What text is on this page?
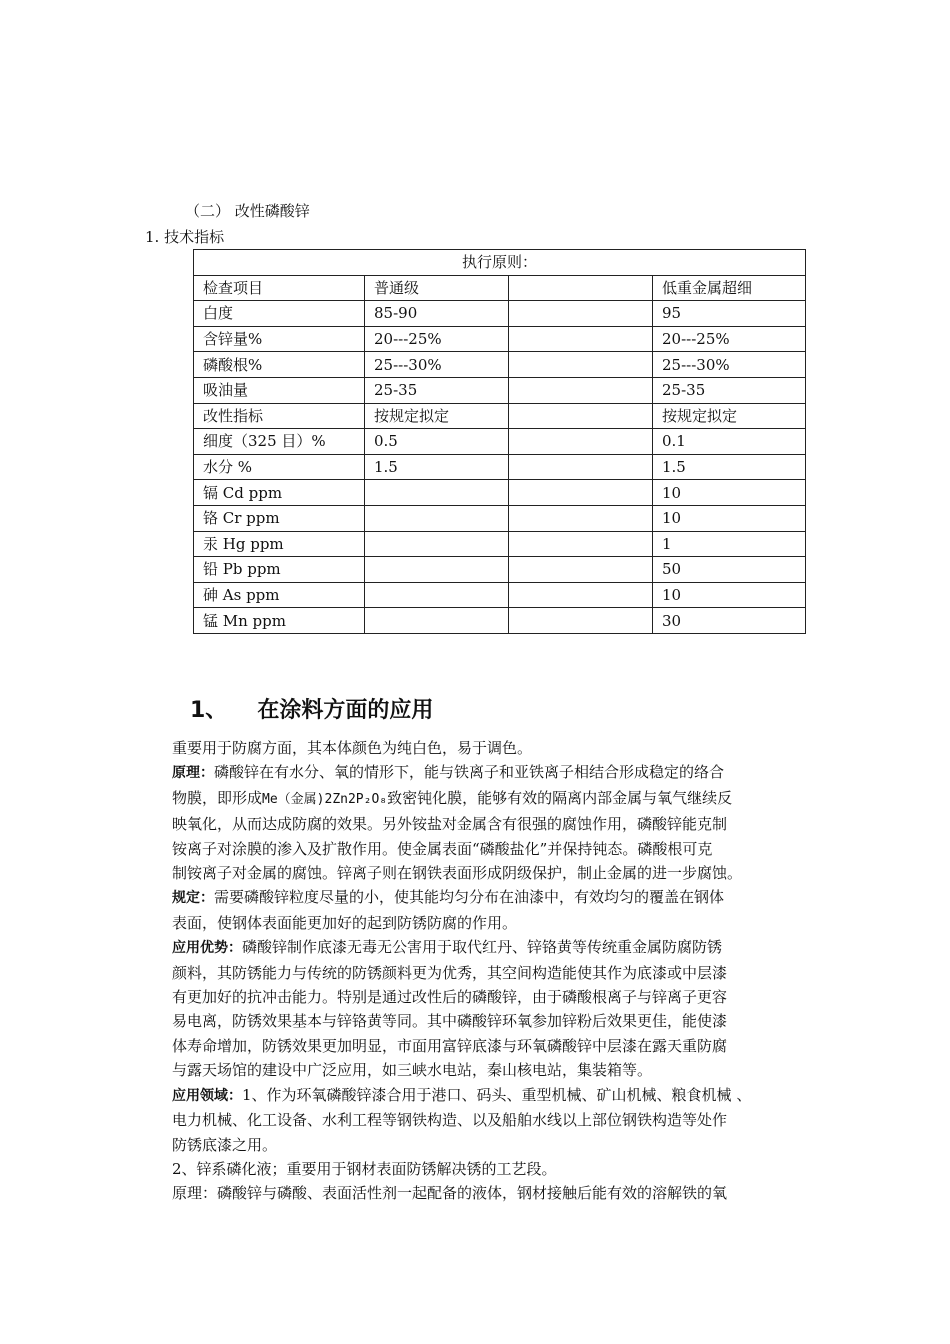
（二） 改性磷酸锌
1. 技术指标
执行原则：			
检查项目	普通级		低重金属超细
白度	85-90		95
含锌量%	20---25%		20---25%
磷酸根%	25---30%		25---30%
吸油量	25-35		25-35
改性指标	按规定拟定		按规定拟定
细度（325 目）%	0.5		0.1
水分 %	1.5		1.5
镉 Cd ppm			10
铬 Cr ppm			10
汞 Hg ppm			1
铅 Pb ppm			50
砷 As ppm			10
锰 Mn ppm			30
1、 在涂料方面的应用
重要用于防腐方面，其本体颜色为纯白色，易于调色。
原理：磷酸锌在有水分、氧的情形下，能与铁离子和亚铁离子相结合形成稳定的络合
物膜，即形成Me（金属)2Zn2P₂O₈致密钝化膜，能够有效的隔离内部金属与氧气继续反
映氧化，从而达成防腐的效果。另外铵盐对金属含有很强的腐蚀作用，磷酸锌能克制
铵离子对涂膜的渗入及扩散作用。使金属表面“磷酸盐化”并保持钝态。磷酸根可克
制铵离子对金属的腐蚀。锌离子则在钢铁表面形成阴级保护，制止金属的进一步腐蚀。
规定：需要磷酸锌粒度尽量的小，使其能均匀分布在油漆中，有效均匀的覆盖在钢体
表面，使钢体表面能更加好的起到防锈防腐的作用。
应用优势：磷酸锌制作底漆无毒无公害用于取代红丹、锌铬黄等传统重金属防腐防锈
颜料，其防锈能力与传统的防锈颜料更为优秀，其空间构造能使其作为底漆或中层漆
有更加好的抗冲击能力。特别是通过改性后的磷酸锌，由于磷酸根离子与锌离子更容
易电离，防锈效果基本与锌铬黄等同。其中磷酸锌环氧参加锌粉后效果更佳，能使漆
体寿命增加，防锈效果更加明显，市面用富锌底漆与环氧磷酸锌中层漆在露天重防腐
与露天场馆的建设中广泛应用，如三峡水电站，秦山核电站，集装箱等。
应用领域：1、作为环氧磷酸锌漆合用于港口、码头、重型机械、矿山机械、粮食机械 、
电力机械、化工设备、水利工程等钢铁构造、以及船舶水线以上部位钢铁构造等处作
防锈底漆之用。
2、锌系磷化液；重要用于钢材表面防锈解决锈的工艺段。
原理：磷酸锌与磷酸、表面活性剂一起配备的液体，钢材接触后能有效的溶解铁的氧
